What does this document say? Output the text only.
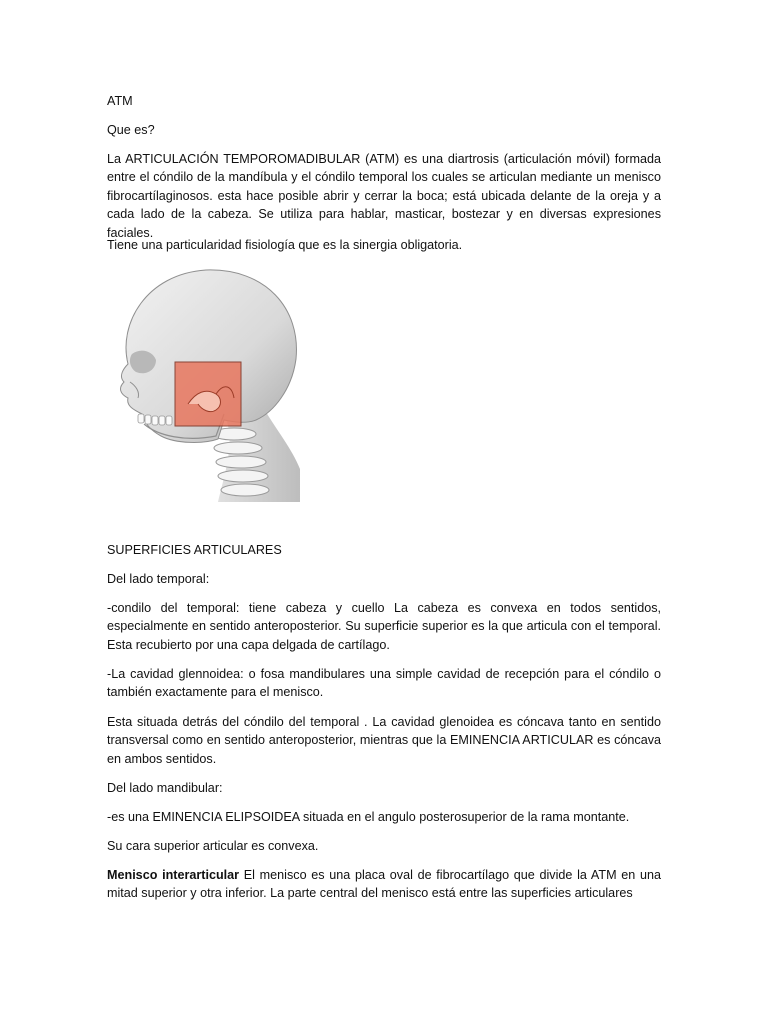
ATM

Que es?

La ARTICULACIÓN TEMPOROMADIBULAR (ATM) es una diartrosis (articulación móvil) formada entre el cóndilo de la mandíbula y el cóndilo temporal los cuales se articulan mediante un menisco fibrocartílaginosos. esta hace posible abrir y cerrar la boca; está ubicada delante de la oreja y a cada lado de la cabeza. Se utiliza para hablar, masticar, bostezar y en diversas expresiones faciales.

Tiene una particularidad fisiología que es la sinergia obligatoria.

SUPERFICIES ARTICULARES

Del lado temporal:

-condilo del temporal: tiene cabeza y cuello La cabeza es convexa en todos sentidos, especialmente en sentido anteroposterior. Su superficie superior es la que articula con el temporal. Esta recubierto por una capa delgada de cartílago.

-La cavidad glennoidea: o fosa mandibulares una simple cavidad de recepción para el cóndilo o también exactamente para el menisco.

Esta situada detrás del cóndilo del temporal . La cavidad glenoidea es cóncava tanto en sentido transversal como en sentido anteroposterior, mientras que la EMINENCIA ARTICULAR es cóncava en ambos sentidos.

Del lado mandibular:

-es una EMINENCIA ELIPSOIDEA situada en el angulo posterosuperior de la rama montante.

Su cara superior articular es convexa.

Menisco interarticular El menisco es una placa oval de fibrocartílago que divide la ATM en una mitad superior y otra inferior. La parte central del menisco está entre las superficies articulares
